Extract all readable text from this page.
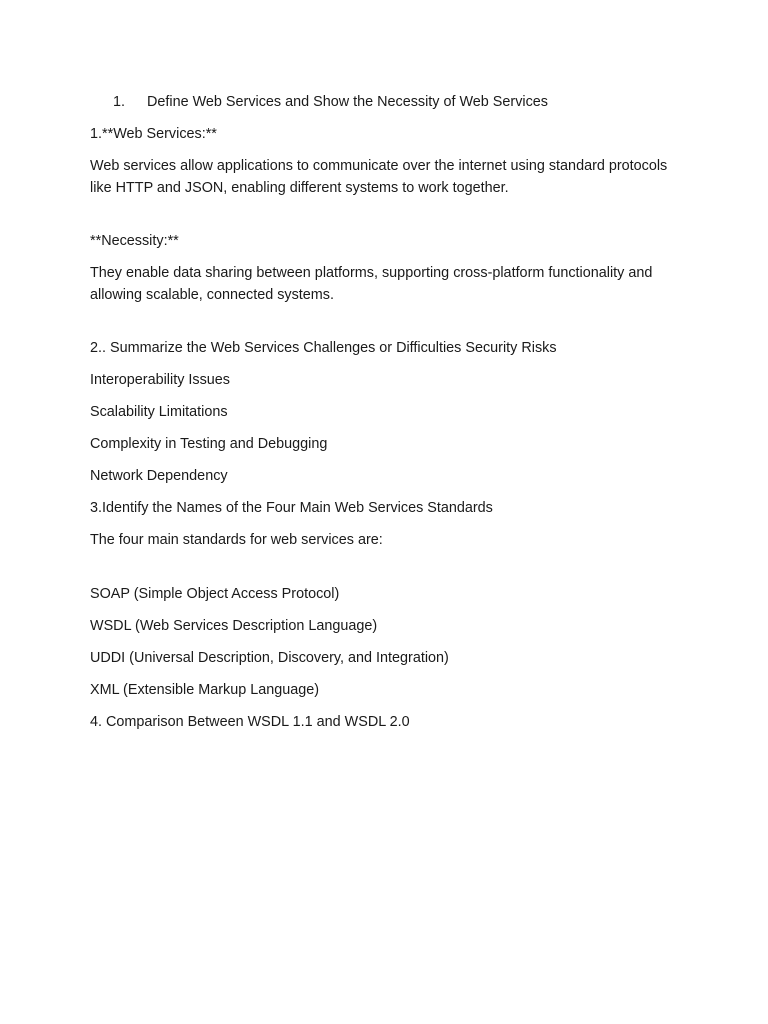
1.	Define Web Services and Show the Necessity of Web Services

1.**Web Services:**

Web services allow applications to communicate over the internet using standard protocols like HTTP and JSON, enabling different systems to work together.

**Necessity:**

They enable data sharing between platforms, supporting cross-platform functionality and allowing scalable, connected systems.

2.. Summarize the Web Services Challenges or Difficulties Security Risks

Interoperability Issues

Scalability Limitations

Complexity in Testing and Debugging

Network Dependency

3.Identify the Names of the Four Main Web Services Standards

The four main standards for web services are:

SOAP (Simple Object Access Protocol)

WSDL (Web Services Description Language)

UDDI (Universal Description, Discovery, and Integration)

XML (Extensible Markup Language)

4. Comparison Between WSDL 1.1 and WSDL 2.0
